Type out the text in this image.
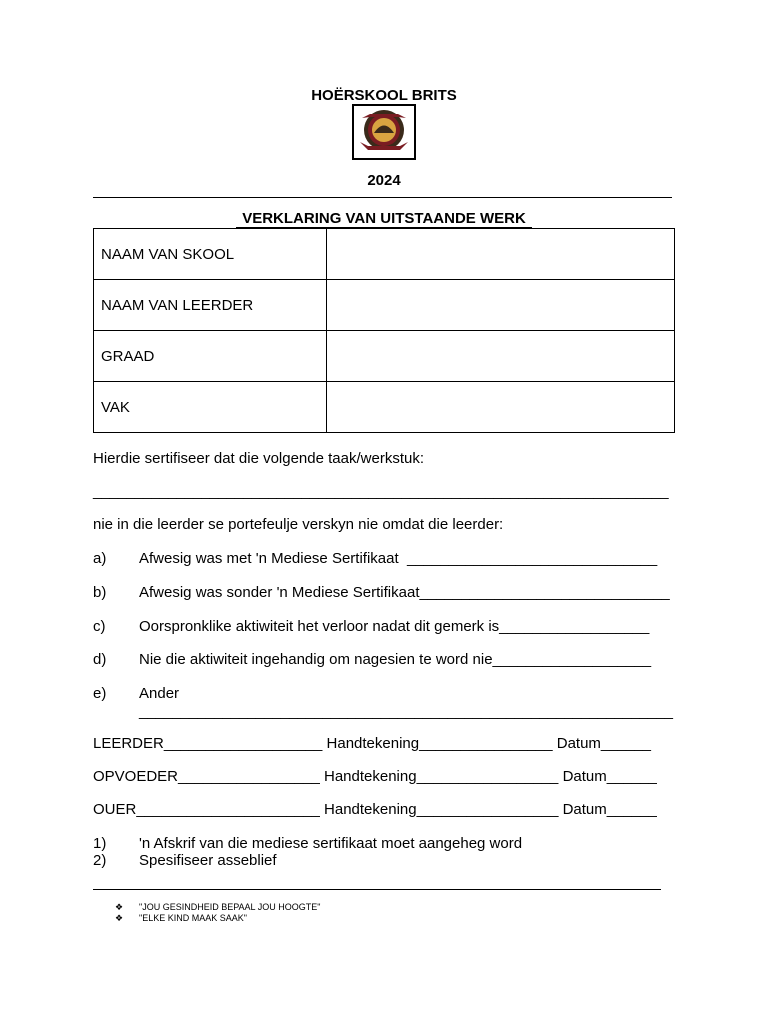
HOËRSKOOL BRITS
2024
VERKLARING VAN UITSTAANDE WERK
NAAM VAN SKOOL	
NAAM VAN LEERDER	
GRAAD	
VAK	
Hierdie sertifiseer dat die volgende taak/werkstuk:
_____________________________________________________________________
nie in die leerder se portefeulje verskyn nie omdat die leerder:
a) Afwesig was met 'n Mediese Sertifikaat  ______________________________
b) Afwesig was sonder 'n Mediese Sertifikaat______________________________
c) Oorspronklike aktiwiteit het verloor nadat dit gemerk is__________________
d) Nie die aktiwiteit ingehandig om nagesien te word nie___________________
e) Ander
________________________________________________________________
LEERDER___________________ Handtekening________________ Datum______
OPVOEDER_________________ Handtekening_________________ Datum______
OUER______________________ Handtekening_________________ Datum______
1) 'n Afskrif van die mediese sertifikaat moet aangeheg word
2) Spesifiseer asseblief
❖ "JOU GESINDHEID BEPAAL JOU HOOGTE"
❖ "ELKE KIND MAAK SAAK"
